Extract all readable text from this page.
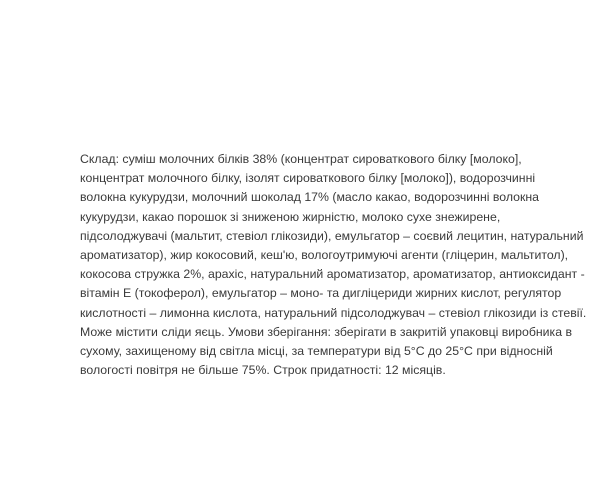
Склад: суміш молочних білків 38% (концентрат сироваткового білку [молоко],
концентрат молочного білку, ізолят сироваткового білку [молоко]), водорозчинні
волокна кукурудзи, молочний шоколад 17% (масло какао, водорозчинні волокна
кукурудзи, какао порошок зі зниженою жирністю, молоко сухе знежирене,
підсолоджувачі (мальтит, стевіол глікозиди), емульгатор – соєвий лецитин, натуральний
ароматизатор), жир кокосовий, кеш'ю, вологоутримуючі агенти (гліцерин, мальтитол),
кокосова стружка 2%, арахіс, натуральний ароматизатор, ароматизатор, антиоксидант -
вітамін Е (токоферол), емульгатор – моно- та дигліцериди жирних кислот, регулятор
кислотності – лимонна кислота, натуральний підсолоджувач – стевіол глікозиди із стевії.
Може містити сліди яєць. Умови зберігання: зберігати в закритій упаковці виробника в
сухому, захищеному від світла місці, за температури від 5°С до 25°С при відносній
вологості повітря не більше 75%. Строк придатності: 12 місяців.
